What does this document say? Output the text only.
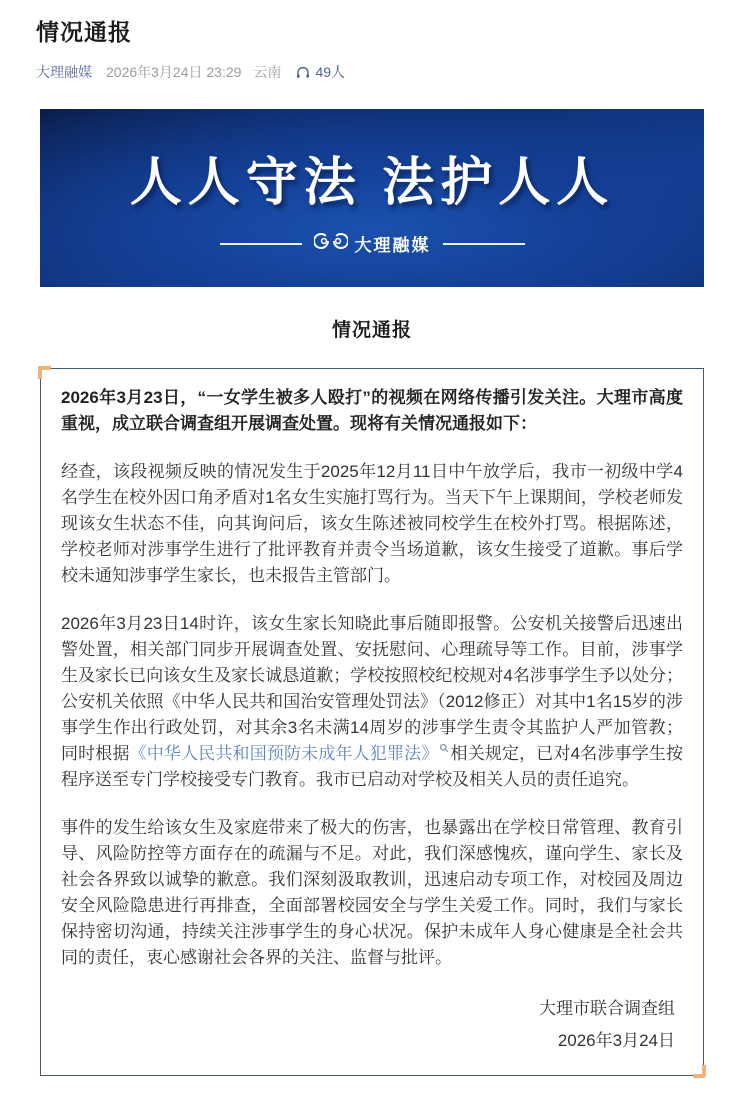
情况通报
大理融媒 2026年3月24日 23:29 云南 49人
人人守法 法护人人
大理融媒
情况通报

2026年3月23日，“一女学生被多人殴打”的视频在网络传播引发关注。大理市高度重视，成立联合调查组开展调查处置。现将有关情况通报如下：

经查，该段视频反映的情况发生于2025年12月11日中午放学后，我市一初级中学4名学生在校外因口角矛盾对1名女生实施打骂行为。当天下午上课期间，学校老师发现该女生状态不佳，向其询问后，该女生陈述被同校学生在校外打骂。根据陈述，学校老师对涉事学生进行了批评教育并责令当场道歉，该女生接受了道歉。事后学校未通知涉事学生家长，也未报告主管部门。

2026年3月23日14时许，该女生家长知晓此事后随即报警。公安机关接警后迅速出警处置，相关部门同步开展调查处置、安抚慰问、心理疏导等工作。目前，涉事学生及家长已向该女生及家长诚恳道歉；学校按照校纪校规对4名涉事学生予以处分；公安机关依照《中华人民共和国治安管理处罚法》（2012修正）对其中1名15岁的涉事学生作出行政处罚，对其余3名未满14周岁的涉事学生责令其监护人严加管教；同时根据《中华人民共和国预防未成年人犯罪法》 相关规定，已对4名涉事学生按程序送至专门学校接受专门教育。我市已启动对学校及相关人员的责任追究。

事件的发生给该女生及家庭带来了极大的伤害，也暴露出在学校日常管理、教育引导、风险防控等方面存在的疏漏与不足。对此，我们深感愧疚，谨向学生、家长及社会各界致以诚挚的歉意。我们深刻汲取教训，迅速启动专项工作，对校园及周边安全风险隐患进行再排查，全面部署校园安全与学生关爱工作。同时，我们与家长保持密切沟通，持续关注涉事学生的身心状况。保护未成年人身心健康是全社会共同的责任，衷心感谢社会各界的关注、监督与批评。

大理市联合调查组
2026年3月24日
